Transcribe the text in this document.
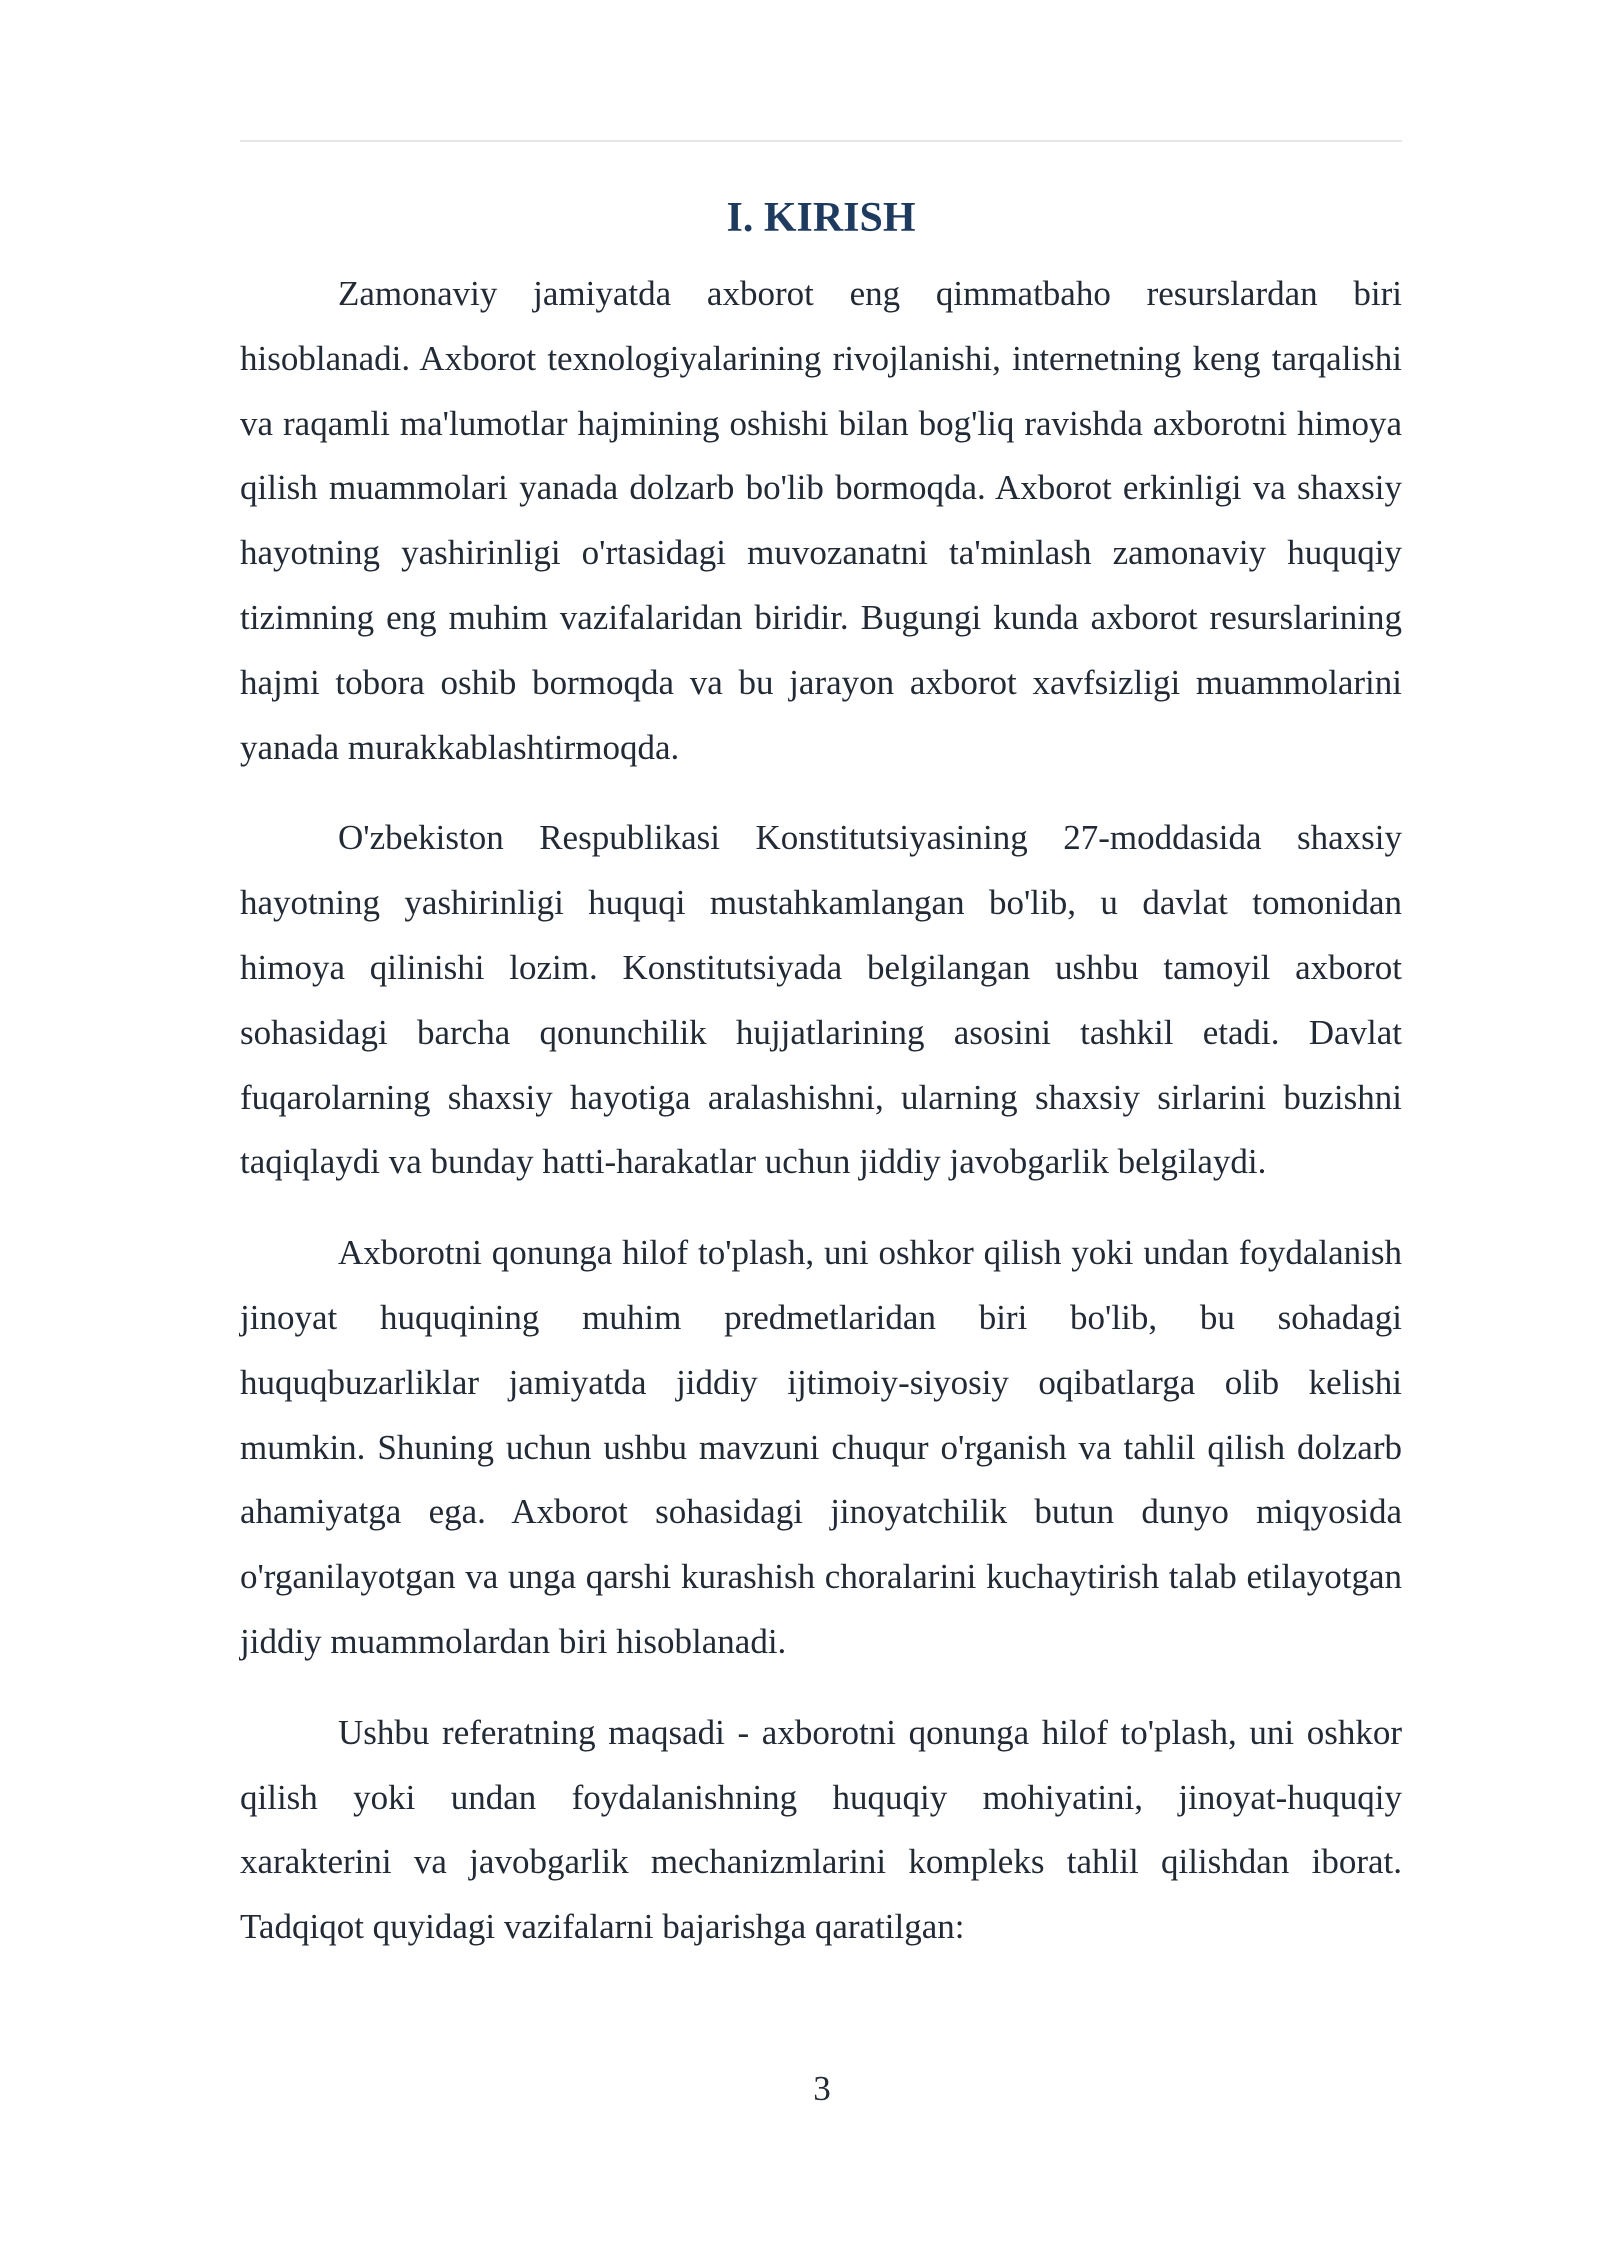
I. KIRISH

Zamonaviy jamiyatda axborot eng qimmatbaho resurslardan biri hisoblanadi. Axborot texnologiyalarining rivojlanishi, internetning keng tarqalishi va raqamli ma'lumotlar hajmining oshishi bilan bog'liq ravishda axborotni himoya qilish muammolari yanada dolzarb bo'lib bormoqda. Axborot erkinligi va shaxsiy hayotning yashirinligi o'rtasidagi muvozanatni ta'minlash zamonaviy huquqiy tizimning eng muhim vazifalaridan biridir. Bugungi kunda axborot resurslarining hajmi tobora oshib bormoqda va bu jarayon axborot xavfsizligi muammolarini yanada murakkablashtirmoqda.

O'zbekiston Respublikasi Konstitutsiyasining 27-moddasida shaxsiy hayotning yashirinligi huquqi mustahkamlangan bo'lib, u davlat tomonidan himoya qilinishi lozim. Konstitutsiyada belgilangan ushbu tamoyil axborot sohasidagi barcha qonunchilik hujjatlarining asosini tashkil etadi. Davlat fuqarolarning shaxsiy hayotiga aralashishni, ularning shaxsiy sirlarini buzishni taqiqlaydi va bunday hatti-harakatlar uchun jiddiy javobgarlik belgilaydi.

Axborotni qonunga hilof to'plash, uni oshkor qilish yoki undan foydalanish jinoyat huquqining muhim predmetlaridan biri bo'lib, bu sohadagi huquqbuzarliklar jamiyatda jiddiy ijtimoiy-siyosiy oqibatlarga olib kelishi mumkin. Shuning uchun ushbu mavzuni chuqur o'rganish va tahlil qilish dolzarb ahamiyatga ega. Axborot sohasidagi jinoyatchilik butun dunyo miqyosida o'rganilayotgan va unga qarshi kurashish choralarini kuchaytirish talab etilayotgan jiddiy muammolardan biri hisoblanadi.

Ushbu referatning maqsadi - axborotni qonunga hilof to'plash, uni oshkor qilish yoki undan foydalanishning huquqiy mohiyatini, jinoyat-huquqiy xarakterini va javobgarlik mechanizmlarini kompleks tahlil qilishdan iborat. Tadqiqot quyidagi vazifalarni bajarishga qaratilgan:

3
